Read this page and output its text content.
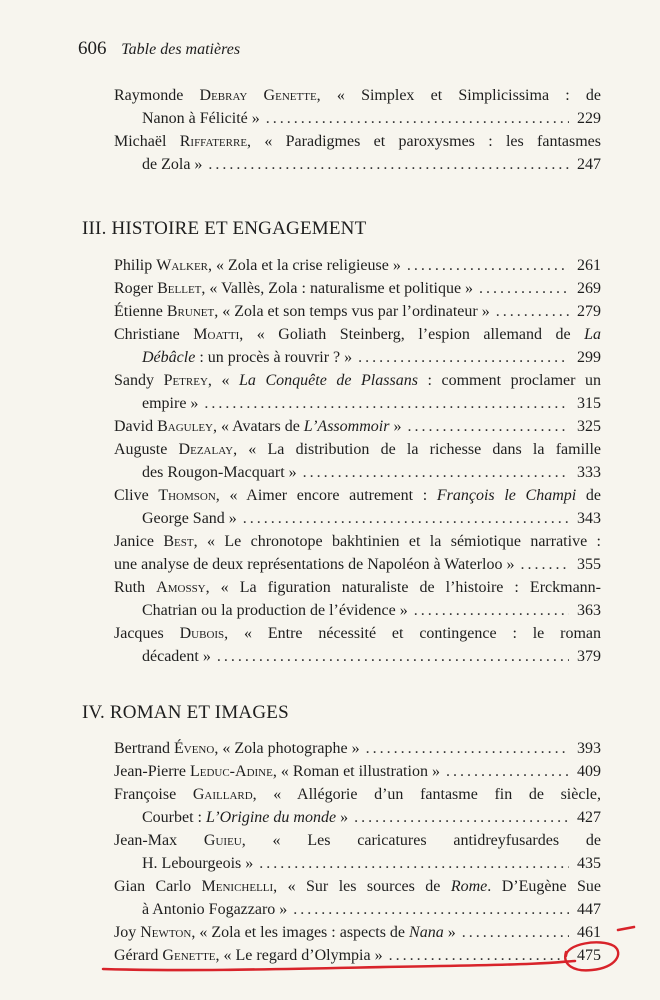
606 Table des matières
Raymonde Debray Genette, « Simplex et Simplicissima : de
Nanon à Félicité » .....	229
Michaël Riffaterre, « Paradigmes et paroxysmes : les fantasmes
de Zola » .....	247
III. HISTOIRE ET ENGAGEMENT
Philip Walker, « Zola et la crise religieuse » .....	261
Roger Bellet, « Vallès, Zola : naturalisme et politique » .....	269
Étienne Brunet, « Zola et son temps vus par l’ordinateur » .....	279
Christiane Moatti, « Goliath Steinberg, l’espion allemand de La
Débâcle : un procès à rouvrir ? » .....	299
Sandy Petrey, « La Conquête de Plassans : comment proclamer un
empire » .....	315
David Baguley, « Avatars de L’Assommoir » .....	325
Auguste Dezalay, « La distribution de la richesse dans la famille
des Rougon-Macquart » .....	333
Clive Thomson, « Aimer encore autrement : François le Champi de
George Sand » .....	343
Janice Best, « Le chronotope bakhtinien et la sémiotique narrative :
une analyse de deux représentations de Napoléon à Waterloo » .....	355
Ruth Amossy, « La figuration naturaliste de l’histoire : Erckmann-
Chatrian ou la production de l’évidence » .....	363
Jacques Dubois, « Entre nécessité et contingence : le roman
décadent » .....	379
IV. ROMAN ET IMAGES
Bertrand Éveno, « Zola photographe » .....	393
Jean-Pierre Leduc-Adine, « Roman et illustration » .....	409
Françoise Gaillard, « Allégorie d’un fantasme fin de siècle,
Courbet : L’Origine du monde » .....	427
Jean-Max Guieu, « Les caricatures antidreyfusardes de
H. Lebourgeois » .....	435
Gian Carlo Menichelli, « Sur les sources de Rome. D’Eugène Sue
à Antonio Fogazzaro » .....	447
Joy Newton, « Zola et les images : aspects de Nana » .....	461
Gérard Genette, « Le regard d’Olympia » .....	475
